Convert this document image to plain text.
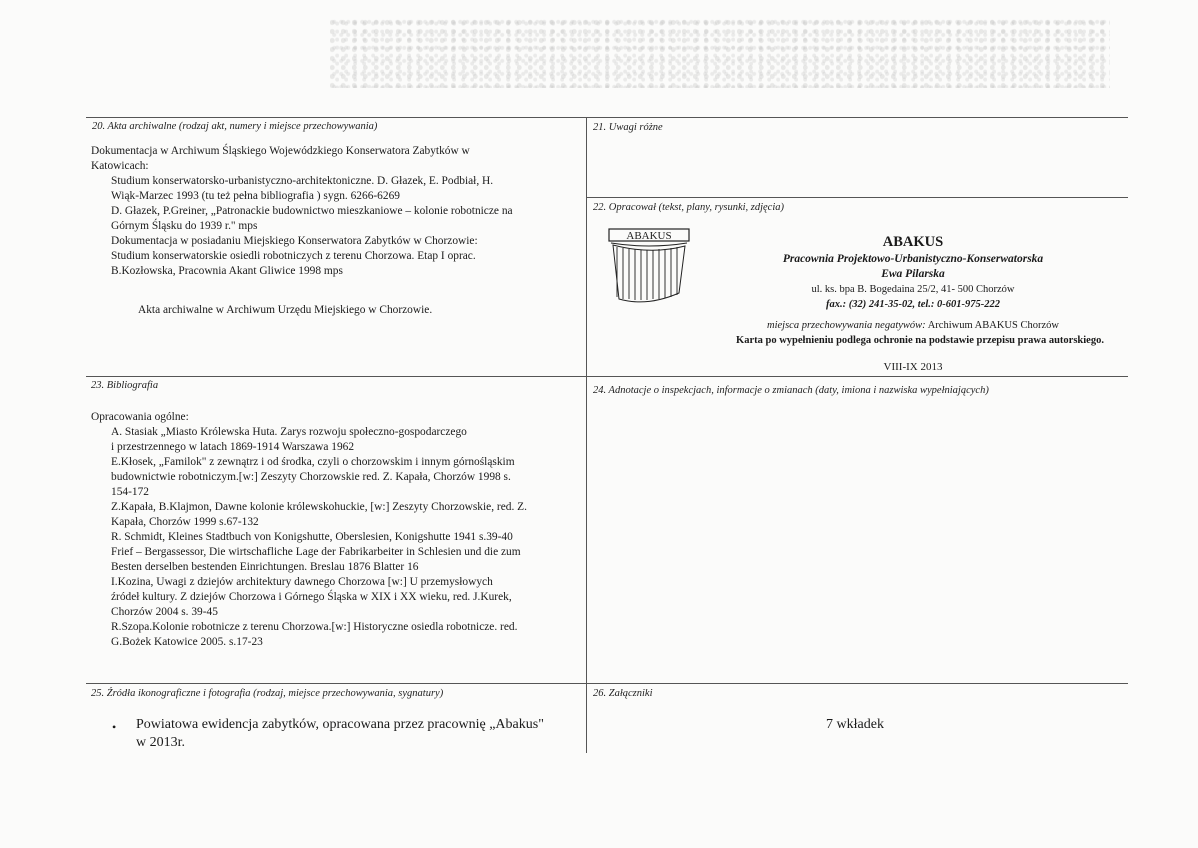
20. Akta archiwalne (rodzaj akt, numery i miejsce przechowywania)

Dokumentacja w Archiwum Śląskiego Wojewódzkiego Konserwatora Zabytków w

Katowicach:

Studium konserwatorsko-urbanistyczno-architektoniczne. D. Głazek, E. Podbiał, H.

Wiąk-Marzec 1993 (tu też pełna bibliografia ) sygn. 6266-6269

D. Głazek, P.Greiner, „Patronackie budownictwo mieszkaniowe – kolonie robotnicze na

Górnym Śląsku do 1939 r." mps

Dokumentacja w posiadaniu Miejskiego Konserwatora Zabytków w Chorzowie:

Studium konserwatorskie osiedli robotniczych z terenu Chorzowa. Etap I oprac.

B.Kozłowska, Pracownia Akant Gliwice 1998 mps

Akta archiwalne w Archiwum Urzędu Miejskiego w Chorzowie.
21. Uwagi różne
22. Opracował (tekst, plany, rysunki, zdjęcia)
ABAKUS	ABAKUS
Pracownia Projektowo-Urbanistyczno-Konserwatorska
Ewa Pilarska
ul. ks. bpa B. Bogedaina 25/2, 41- 500 Chorzów
fax.: (32) 241-35-02, tel.: 0-601-975-222
miejsca przechowywania negatywów: Archiwum ABAKUS Chorzów
Karta po wypełnieniu podlega ochronie na podstawie przepisu prawa autorskiego.
VIII-IX 2013
23. Bibliografia

Opracowania ogólne:

A. Stasiak „Miasto Królewska Huta. Zarys rozwoju społeczno-gospodarczego

i przestrzennego w latach 1869-1914 Warszawa 1962

E.Kłosek, „Familok" z zewnątrz i od środka, czyli o chorzowskim i innym górnośląskim

budownictwie robotniczym.[w:] Zeszyty Chorzowskie red. Z. Kapała, Chorzów 1998 s.

154-172

Z.Kapała, B.Klajmon, Dawne kolonie królewskohuckie, [w:] Zeszyty Chorzowskie, red. Z.

Kapała, Chorzów 1999 s.67-132

R. Schmidt, Kleines Stadtbuch von Konigshutte, Oberslesien, Konigshutte 1941 s.39-40

Frief – Bergassessor, Die wirtschafliche Lage der Fabrikarbeiter in Schlesien und die zum

Besten derselben bestenden Einrichtungen. Breslau 1876 Blatter 16

I.Kozina, Uwagi z dziejów architektury dawnego Chorzowa [w:] U przemysłowych

źródeł kultury. Z dziejów Chorzowa i Górnego Śląska w XIX i XX wieku, red. J.Kurek,

Chorzów 2004 s. 39-45

R.Szopa.Kolonie robotnicze z terenu Chorzowa.[w:] Historyczne osiedla robotnicze. red.

G.Bożek Katowice 2005. s.17-23

24. Adnotacje o inspekcjach, informacje o zmianach (daty, imiona i nazwiska wypełniających)
25. Źródła ikonograficzne i fotografia (rodzaj, miejsce przechowywania, sygnatury)
•	Powiatowa ewidencja zabytków, opracowana przez pracownię „Abakus"

w 2013r.

26. Załączniki
7 wkładek
